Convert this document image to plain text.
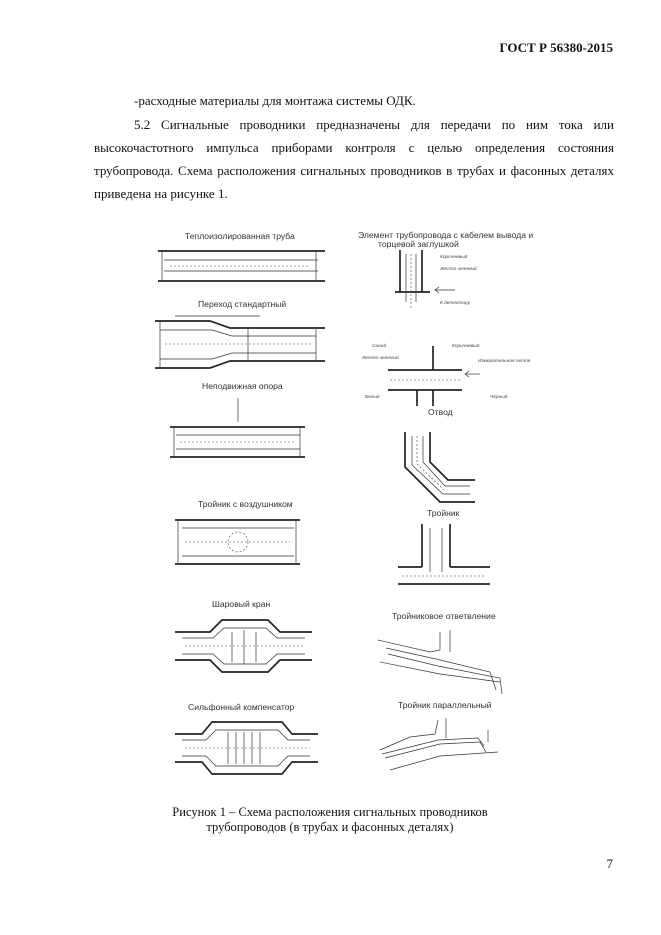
ГОСТ Р 56380-2015

-расходные материалы для монтажа системы ОДК.

5.2 Сигнальные проводники предназначены для передачи по ним тока или высокочастотного импульса приборами контроля с целью определения состояния трубопровода. Схема расположения сигнальных проводников в трубах и фасонных деталях приведена на рисунке 1.

Теплоизолированная труба
Переход стандартный
Неподвижная опора
Тройник с воздушником
Шаровый кран
Сильфонный компенсатор
Элемент трубопровода с кабелем вывода и
торцевой заглушкой
Коричневый
Желто-зеленый
К детектору
Синий	Коричневый
Желто-зеленый
Измерительная петля
Белый	Черный
Отвод
Тройник
Тройниковое ответвление
Тройник параллельный
Рисунок 1 – Схема расположения сигнальных проводников
трубопроводов (в трубах и фасонных деталях)
7
